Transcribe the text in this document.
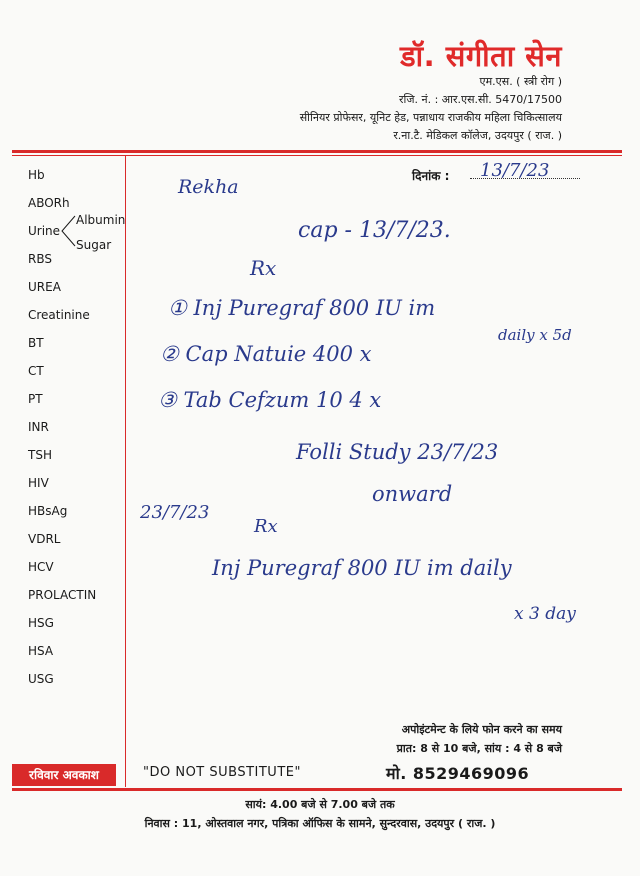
डॉ. संगीता सेन
एम.एस. ( स्त्री रोग )
रजि. नं. : आर.एस.सी. 5470/17500
सीनियर प्रोफेसर, यूनिट हेड, पन्नाधाय राजकीय महिला चिकित्सालय
र.ना.टै. मेडिकल कॉलेज, उदयपुर ( राज. )
दिनांक : 13/7/23
Hb
ABORh
Urine
RBS
UREA
Creatinine
BT
CT
PT
INR
TSH
HIV
HBsAg
VDRL
HCV
PROLACTIN
HSG
HSA
USG
Albumin
Sugar
Rekha
cap - 13/7/23.
Rx
① Inj Puregraf 800 IU im
daily x 5d
② Cap Natuie 400 x
③ Tab Cefzum 10 4 x
Folli Study 23/7/23
onward
23/7/23
Rx
Inj Puregraf 800 IU im daily
x 3 day
अपोइंटमेन्ट के लिये फोन करने का समय
प्रात: 8 से 10 बजे, सांय : 4 से 8 बजे
मो. 8529469096
रविवार अवकाश	"DO NOT SUBSTITUTE"
सायं: 4.00 बजे से 7.00 बजे तक
निवास : 11, ओस्तवाल नगर, पत्रिका ऑफिस के सामने, सुन्दरवास, उदयपुर ( राज. )
